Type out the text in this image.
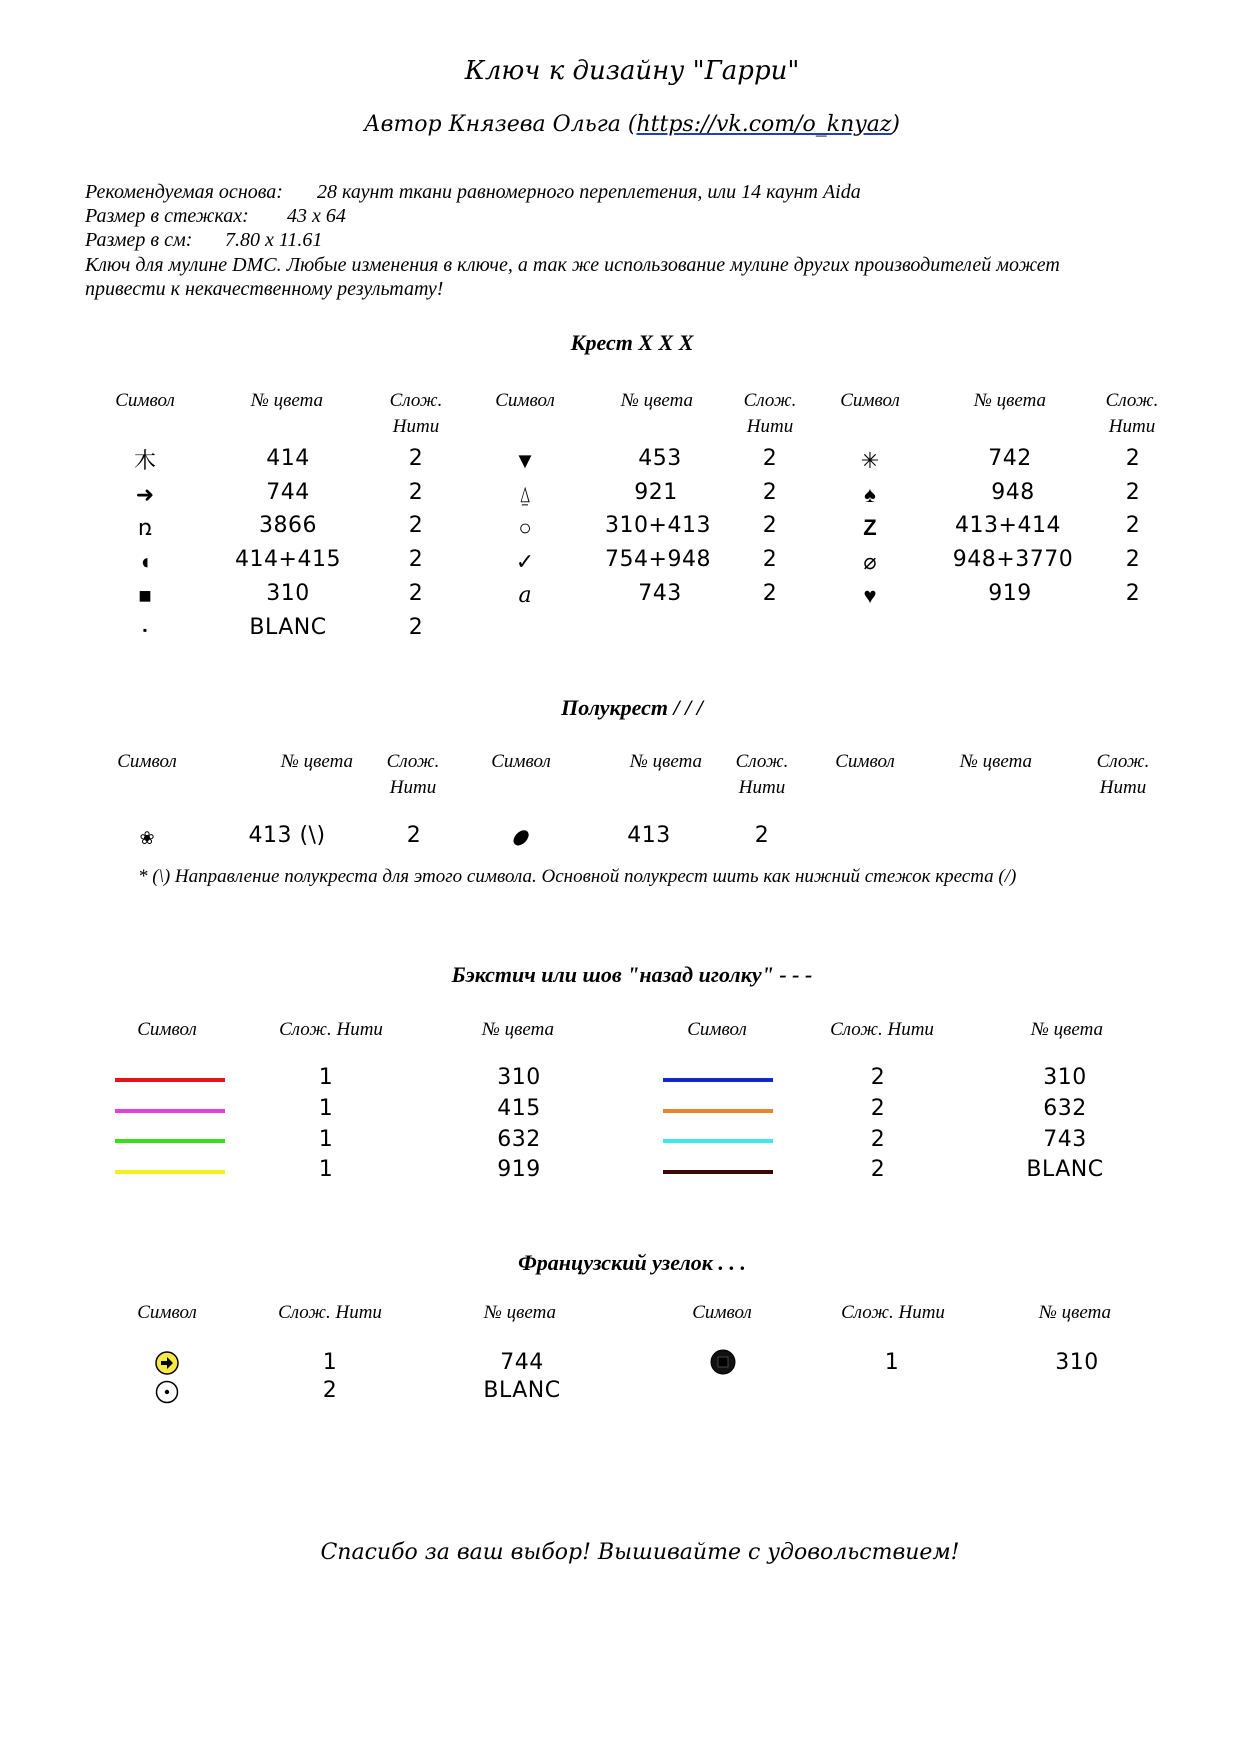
Ключ к дизайну "Гарри"
Автор Князева Ольга (https://vk.com/o_knyaz)
Рекомендуемая основа: 28 каунт ткани равномерного переплетения, или 14 каунт Aida
Размер в стежках: 43 x 64
Размер в см: 7.80 x 11.61
Ключ для мулине DMC. Любые изменения в ключе, а так же использование мулине других производителей может
привести к некачественному результату!
Крест X X X
Символ	№ цвета	Слож.
Нити
Символ	№ цвета	Слож.
Нити
Символ	№ цвета	Слож.
Нити
⽊	414	2
➜	744	2
ռ	3866	2
◖	414+415	2
■	310	2
▪	BLANC	2
▼	453	2
⍙	921	2
○	310+413 2
✓	754+948 2
a	743	2
✳	742	2
♠	948	2
Z	413+414	2
⌀	948+3770 2
♥	919	2
Полукрест / / /
Символ	№ цвета Слож.
Нити
Символ	№ цвета Слож.
Нити
Символ	№ цвета	Слож.
Нити
❀	413 (\)	2	⬮	413	2
* (\) Направление полукреста для этого символа. Основной полукрест шить как нижний стежок креста (/)
Бэкстич или шов "назад иголку" - - -
Символ	Слож. Нити	№ цвета	Символ	Слож. Нити	№ цвета
1	310
1	415
1	632
1	919
2	310
2	632
2	743
2	BLANC
Французский узелок . . .
Символ	Слож. Нити	№ цвета	Символ	Слож. Нити	№ цвета
1	744
2	BLANC
1	310
Спасибо за ваш выбор! Вышивайте с удовольствием!
